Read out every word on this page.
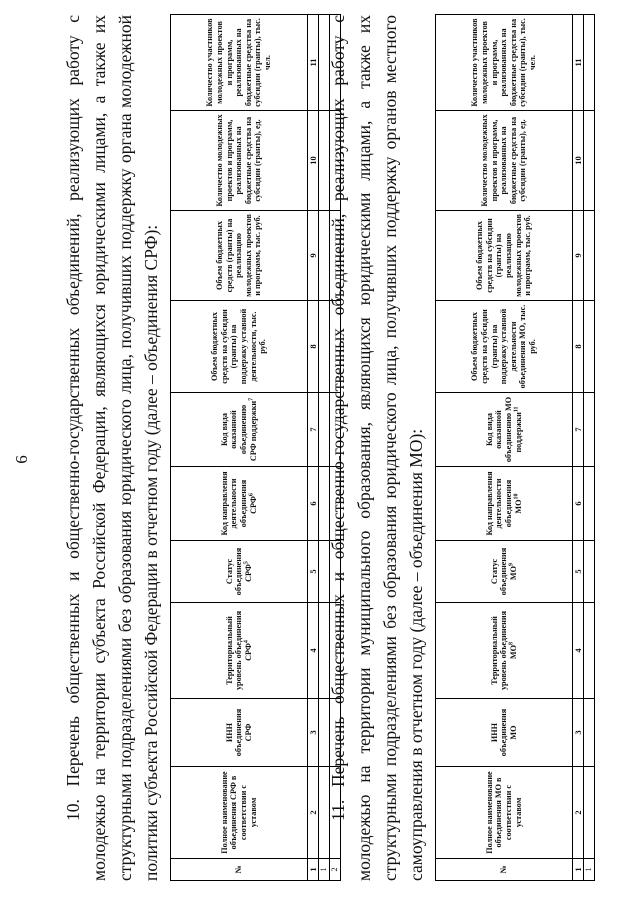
6 10. Перечень общественных и общественно-государственных объединений, реализующих работу с молодежью на территории субъекта Российской Федерации, являющихся юридическими лицами, а также их структурными подразделениями без образования юридического лица, получивших поддержку органа молодежной политики субъекта Российской Федерации в отчетном году (далее – объединения СРФ):	№	Полное наименование объединения СРФ в соответствии с уставом	ИНН объединения СРФ	Территориальный уровень объединения СРФ$^4$	Статус объединения СРФ$^5$	Код направления деятельности объединения СРФ$^6$	Код вида оказанной объединению СРФ поддержки$^7$	Объем бюджетных средств на субсидии (гранты) на поддержку уставной деятельности, тыс. руб.	Объем бюджетных средств (гранты) на реализацию молодежных проектов и программ, тыс. руб.	Количество молодежных проектов и программ, реализованных на бюджетные средства на субсидии (гранты), ед.	Количество участников молодежных проектов и программ, реализованных на бюджетные средства на субсидии (гранты), тыс. чел.
1	2	3	4	5	6	7	8	9	10	11
1										
2										

11. Перечень общественных и общественно-государственных объединений, реализующих работу с молодежью на территории муниципального образования, являющихся юридическими лицами, а также их структурными подразделениями без образования юридического лица, получивших поддержку органов местного самоуправления в отчетном году (далее – объединения МО):	№	Полное наименование объединения МО в соответствии с уставом	ИНН объединения МО	Территориальный уровень объединения $МО^8$	Статус объединения $МО^9$	Код направления деятельности объединения МО$^{10}$	Код вида оказанной объединению МО поддержки$^{11}$	Объем бюджетных средств на субсидии (гранты) на поддержку уставной деятельности объединения МО, тыс. руб.	Объем бюджетных средств на субсидии (гранты) на реализацию молодежных проектов и программ, тыс. руб.	Количество молодежных проектов и программ, реализованных на бюджетные средства на субсидии (гранты), ед.	Количество участников молодежных проектов и программ, реализованных на бюджетные средства на субсидии (гранты), тыс. чел.
1	2	3	4	5	6	7	8	9	10	11
1										
